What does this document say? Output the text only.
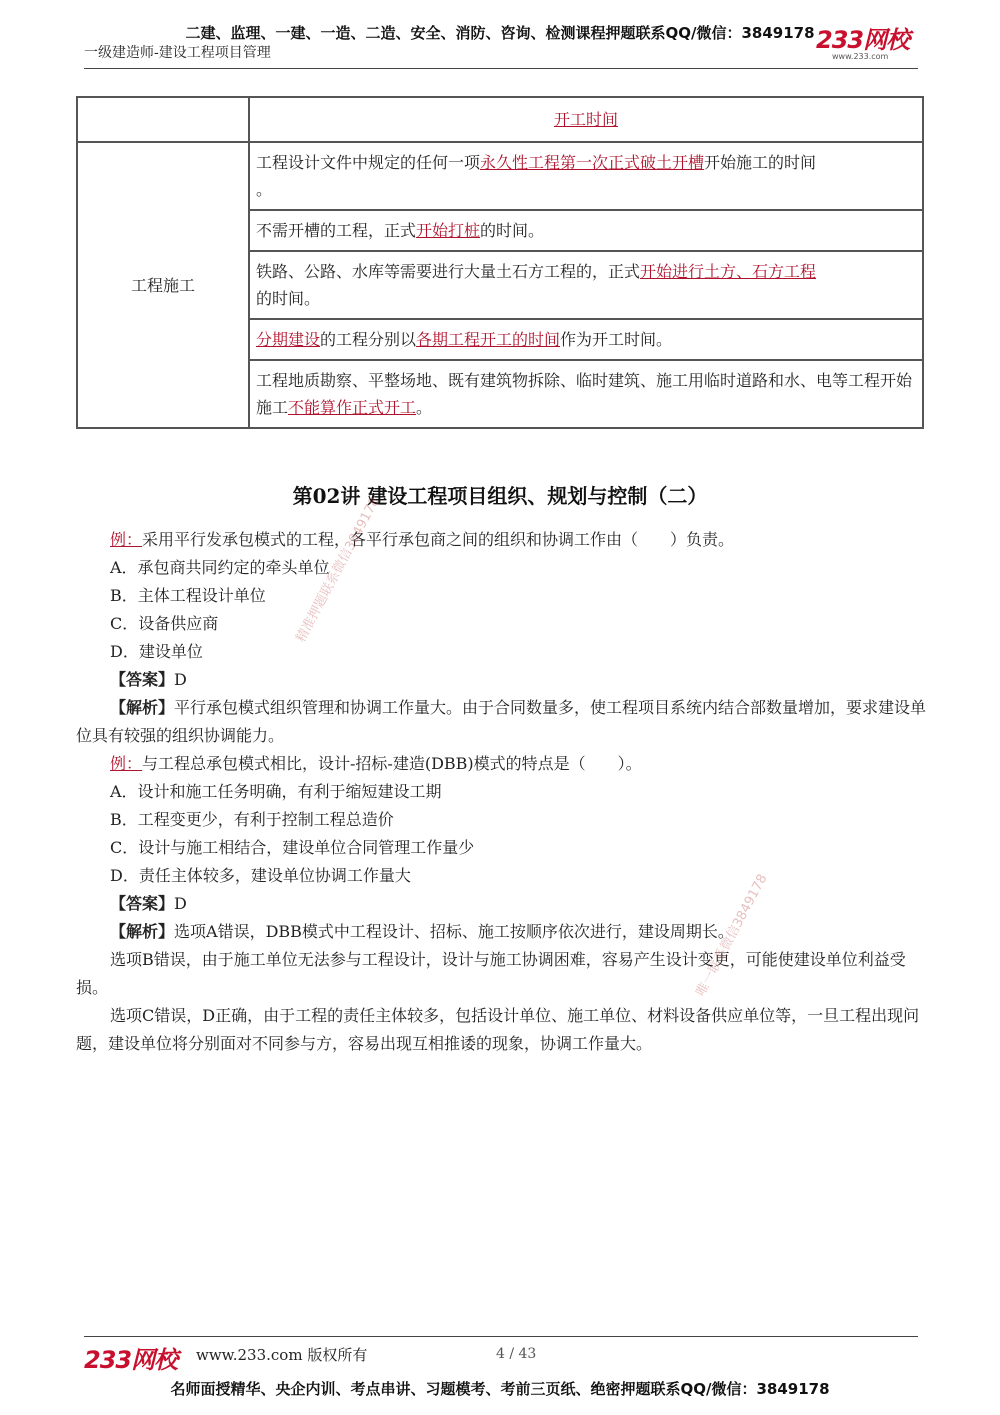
二建、监理、一建、一造、二造、安全、消防、咨询、检测课程押题联系QQ/微信：3849178
一级建造师-建设工程项目管理	233网校
www.233.com
	开工时间
工程施工	工程设计文件中规定的任何一项永久性工程第一次正式破土开槽开始施工的时间
。
	不需开槽的工程，正式开始打桩的时间。
	铁路、公路、水库等需要进行大量土石方工程的，正式开始进行土方、石方工程
的时间。
	分期建设的工程分别以各期工程开工的时间作为开工时间。
	工程地质勘察、平整场地、既有建筑物拆除、临时建筑、施工用临时道路和水、电等工程开始施工不能算作正式开工。
第02讲 建设工程项目组织、规划与控制（二）

例：采用平行发承包模式的工程，各平行承包商之间的组织和协调工作由（　　）负责。

A．承包商共同约定的牵头单位

B．主体工程设计单位

C．设备供应商

D．建设单位

【答案】D

【解析】平行承包模式组织管理和协调工作量大。由于合同数量多，使工程项目系统内结合部数量增加，要求建设单位具有较强的组织协调能力。

例：与工程总承包模式相比，设计-招标-建造(DBB)模式的特点是（　　）。

A．设计和施工任务明确，有利于缩短建设工期

B．工程变更少，有利于控制工程总造价

C．设计与施工相结合，建设单位合同管理工作量少

D．责任主体较多，建设单位协调工作量大

【答案】D

【解析】选项A错误，DBB模式中工程设计、招标、施工按顺序依次进行，建设周期长。

选项B错误，由于施工单位无法参与工程设计，设计与施工协调困难，容易产生设计变更，可能使建设单位利益受损。

选项C错误，D正确，由于工程的责任主体较多，包括设计单位、施工单位、材料设备供应单位等，一旦工程出现问题，建设单位将分别面对不同参与方，容易出现互相推诿的现象，协调工作量大。

精准押题联系微信3849178
唯一联系微信3849178
233网校 www.233.com 版权所有	4 / 43
名师面授精华、央企内训、考点串讲、习题模考、考前三页纸、绝密押题联系QQ/微信：3849178
